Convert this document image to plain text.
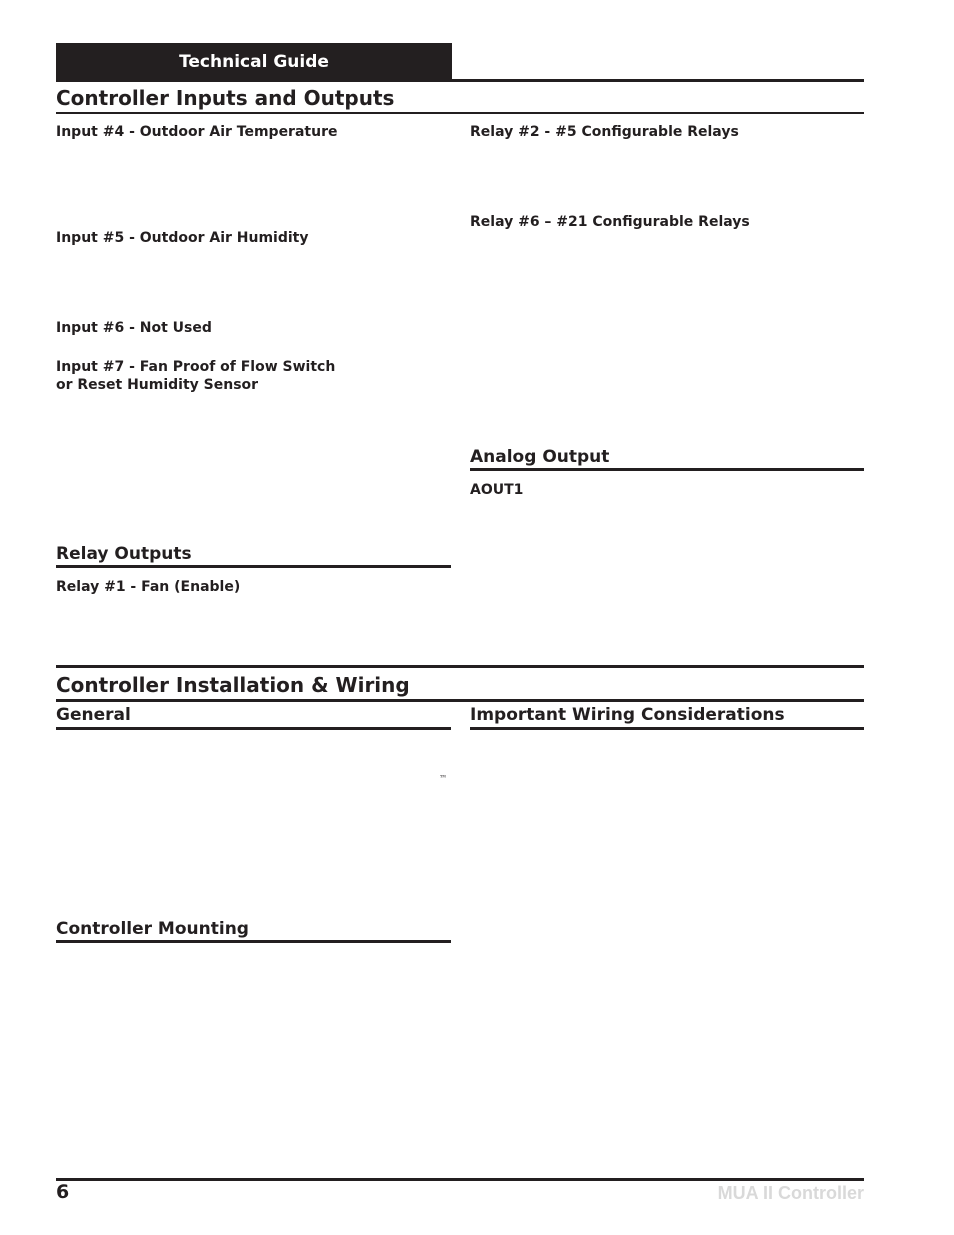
Technical Guide
Controller Inputs and Outputs
Input #4 - Outdoor Air Temperature
Input #5 - Outdoor Air Humidity
Input #6 - Not Used
Input #7 - Fan Proof of Flow Switch
or Reset Humidity Sensor
Relay #2 - #5 Configurable Relays
Relay #6 – #21 Configurable Relays
Analog Output
AOUT1
Relay Outputs
Relay #1 - Fan (Enable)
Controller Installation & Wiring
General
™
Important Wiring Considerations
Controller Mounting
6	MUA II Controller
